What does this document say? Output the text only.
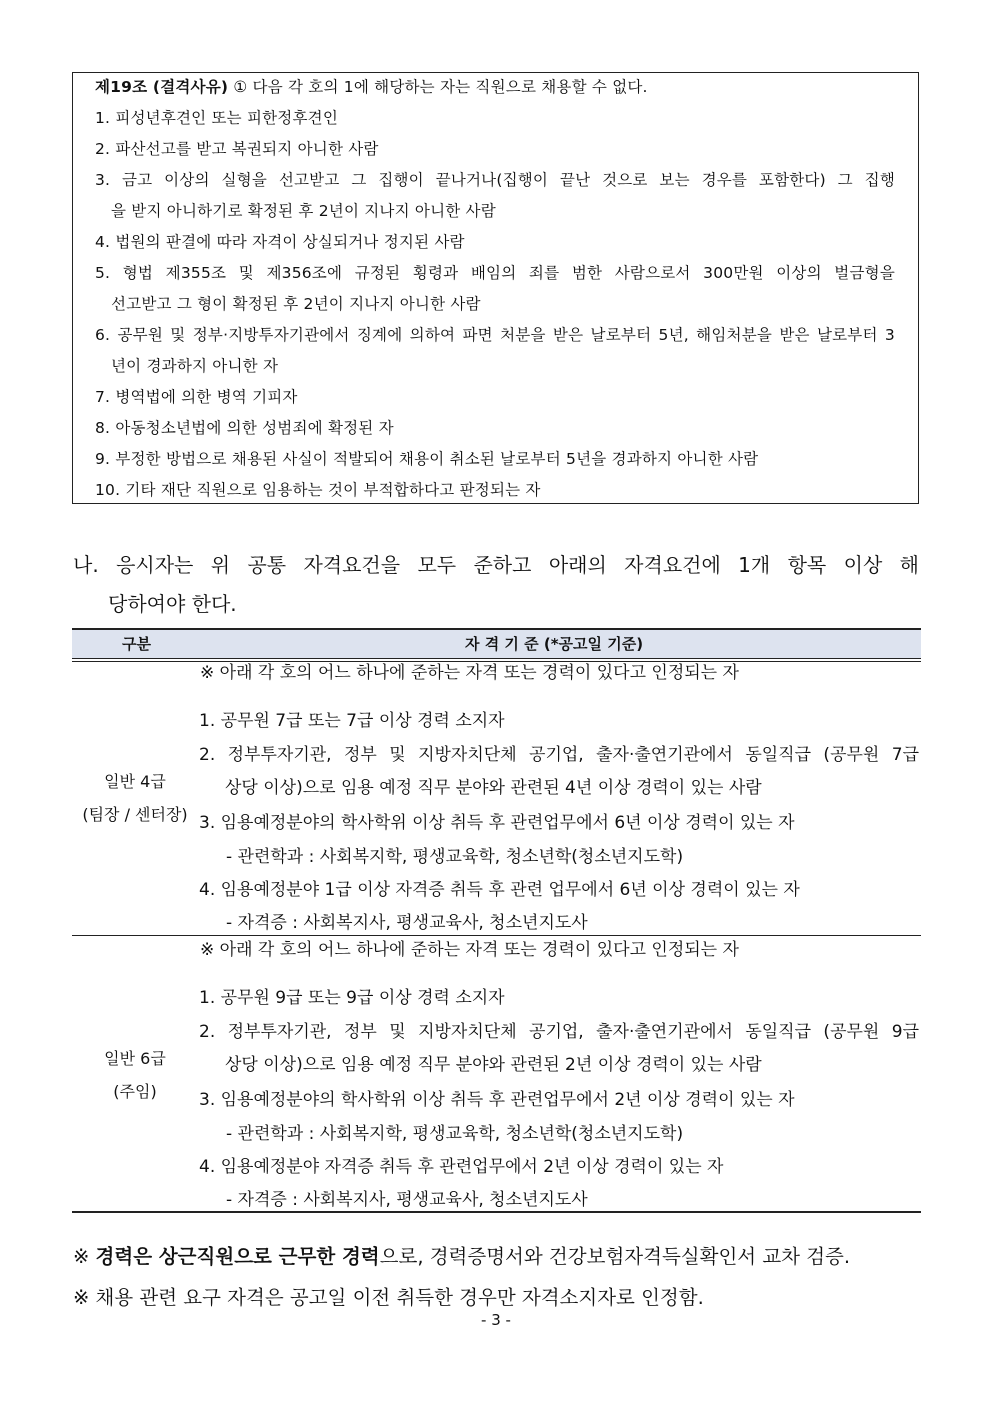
제19조 (결격사유) ① 다음 각 호의 1에 해당하는 자는 직원으로 채용할 수 없다.
1. 피성년후견인 또는 피한정후견인
2. 파산선고를 받고 복권되지 아니한 사람
3. 금고 이상의 실형을 선고받고 그 집행이 끝나거나(집행이 끝난 것으로 보는 경우를 포함한다) 그 집행
을 받지 아니하기로 확정된 후 2년이 지나지 아니한 사람
4. 법원의 판결에 따라 자격이 상실되거나 정지된 사람
5. 형법 제355조 및 제356조에 규정된 횡령과 배임의 죄를 범한 사람으로서 300만원 이상의 벌금형을
선고받고 그 형이 확정된 후 2년이 지나지 아니한 사람
6. 공무원 및 정부·지방투자기관에서 징계에 의하여 파면 처분을 받은 날로부터 5년, 해임처분을 받은 날로부터 3
년이 경과하지 아니한 자
7. 병역법에 의한 병역 기피자
8. 아동청소년법에 의한 성범죄에 확정된 자
9. 부정한 방법으로 채용된 사실이 적발되어 채용이 취소된 날로부터 5년을 경과하지 아니한 사람
10. 기타 재단 직원으로 임용하는 것이 부적합하다고 판정되는 자
나. 응시자는 위 공통 자격요건을 모두 준하고 아래의 자격요건에 1개 항목 이상 해
당하여야 한다.
구분	자 격 기 준 (*공고일 기준)
일반 4급
(팀장 / 센터장)
※ 아래 각 호의 어느 하나에 준하는 자격 또는 경력이 있다고 인정되는 자
1. 공무원 7급 또는 7급 이상 경력 소지자
2. 정부투자기관, 정부 및 지방자치단체 공기업, 출자·출연기관에서 동일직급 (공무원 7급
상당 이상)으로 임용 예정 직무 분야와 관련된 4년 이상 경력이 있는 사람
3. 임용예정분야의 학사학위 이상 취득 후 관련업무에서 6년 이상 경력이 있는 자
- 관련학과 : 사회복지학, 평생교육학, 청소년학(청소년지도학)
4. 임용예정분야 1급 이상 자격증 취득 후 관련 업무에서 6년 이상 경력이 있는 자
- 자격증 : 사회복지사, 평생교육사, 청소년지도사
일반 6급
(주임)
※ 아래 각 호의 어느 하나에 준하는 자격 또는 경력이 있다고 인정되는 자
1. 공무원 9급 또는 9급 이상 경력 소지자
2. 정부투자기관, 정부 및 지방자치단체 공기업, 출자·출연기관에서 동일직급 (공무원 9급
상당 이상)으로 임용 예정 직무 분야와 관련된 2년 이상 경력이 있는 사람
3. 임용예정분야의 학사학위 이상 취득 후 관련업무에서 2년 이상 경력이 있는 자
- 관련학과 : 사회복지학, 평생교육학, 청소년학(청소년지도학)
4. 임용예정분야 자격증 취득 후 관련업무에서 2년 이상 경력이 있는 자
- 자격증 : 사회복지사, 평생교육사, 청소년지도사
※ 경력은 상근직원으로 근무한 경력으로, 경력증명서와 건강보험자격득실확인서 교차 검증.
※ 채용 관련 요구 자격은 공고일 이전 취득한 경우만 자격소지자로 인정함.
- 3 -
